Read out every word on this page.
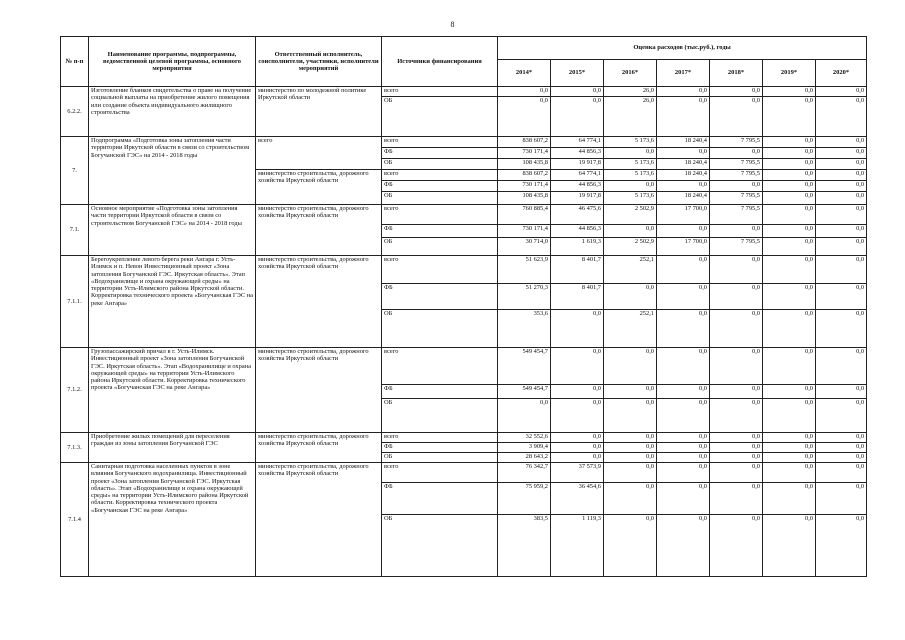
8
№ п-п	Наименование программы, подпрограммы, ведомственной целевой программы, основного мероприятия	Ответственный исполнитель, соисполнители, участники, исполнители мероприятий	Источники финансирования	Оценка расходов (тыс.руб.), годы						
				2014*	2015*	2016*	2017*	2018*	2019*	2020*
6.2.2.	Изготовление бланков свидетельства о праве на получение социальной выплаты на приобретение жилого помещения или создание объекта индивидуального жилищного строительства	министерство по молодежной политике Иркутской области	всего	0,0	0,0	26,0	0,0	0,0	0,0	0,0
			ОБ	0,0	0,0	26,0	0,0	0,0	0,0	0,0
7.	Подпрограмма «Подготовка зоны затопления части территории Иркутской области в связи со строительством Богучанской ГЭС» на 2014 - 2018 годы	всего	всего	838 607,2	64 774,1	5 173,6	18 240,4	7 795,5	0,0	0,0
			ФБ	730 171,4	44 856,3	0,0	0,0	0,0	0,0	0,0
			ОБ	108 435,8	19 917,8	5 173,6	18 240,4	7 795,5	0,0	0,0
		министерство строительства, дорожного хозяйства Иркутской области	всего	838 607,2	64 774,1	5 173,6	18 240,4	7 795,5	0,0	0,0
			ФБ	730 171,4	44 856,3	0,0	0,0	0,0	0,0	0,0
			ОБ	108 435,8	19 917,8	5 173,6	18 240,4	7 795,5	0,0	0,0
7.1.	Основное мероприятие «Подготовка зоны затопления части территории Иркутской области в связи со строительством Богучанской ГЭС» на 2014 - 2018 годы	министерство строительства, дорожного хозяйства Иркутской области	всего	760 885,4	46 475,6	2 502,9	17 700,0	7 795,5	0,0	0,0
			ФБ	730 171,4	44 856,3	0,0	0,0	0,0	0,0	0,0
			ОБ	30 714,0	1 619,3	2 502,9	17 700,0	7 795,5	0,0	0,0
7.1.1.	Берегоукрепление левого берега реки Ангара г. Усть-Илимск и п. Невон Инвестиционный проект «Зона затопления Богучанской ГЭС. Иркутская область». Этап «Водохранилище и охрана окружающей среды» на территории Усть-Илимского района Иркутской области. Корректировка технического проекта «Богучанская ГЭС на реке Ангара»	министерство строительства, дорожного хозяйства Иркутской области	всего	51 623,9	8 401,7	252,1	0,0	0,0	0,0	0,0
			ФБ	51 270,3	8 401,7	0,0	0,0	0,0	0,0	0,0
			ОБ	353,6	0,0	252,1	0,0	0,0	0,0	0,0
7.1.2.	Грузопассажирский причал в г. Усть-Илимск. Инвестиционный проект «Зона затопления Богучанской ГЭС. Иркутская область». Этап «Водохранилище и охрана окружающей среды» на территории Усть-Илимского района Иркутской области. Корректировка технического проекта «Богучанская ГЭС на реке Ангара»	министерство строительства, дорожного хозяйства Иркутской области	всего	549 454,7	0,0	0,0	0,0	0,0	0,0	0,0
			ФБ	549 454,7	0,0	0,0	0,0	0,0	0,0	0,0
			ОБ	0,0	0,0	0,0	0,0	0,0	0,0	0,0
7.1.3.	Приобретение жилых помещений для переселения граждан из зоны затопления Богучанской ГЭС	министерство строительства, дорожного хозяйства Иркутской области	всего	32 552,6	0,0	0,0	0,0	0,0	0,0	0,0
			ФБ	3 909,4	0,0	0,0	0,0	0,0	0,0	0,0
			ОБ	28 643,2	0,0	0,0	0,0	0,0	0,0	0,0
7.1.4	Санитарная подготовка населенных пунктов в зоне влияния Богучанского водохранилища. Инвестиционный проект «Зона затопления Богучанской ГЭС. Иркутская область». Этап «Водохранилище и охрана окружающей среды» на территории Усть-Илимского района Иркутской области. Корректировка технического проекта «Богучанская ГЭС на реке Ангара»	министерство строительства, дорожного хозяйства Иркутской области	всего	76 342,7	37 573,9	0,0	0,0	0,0	0,0	0,0
			ФБ	75 959,2	36 454,6	0,0	0,0	0,0	0,0	0,0
			ОБ	383,5	1 119,3	0,0	0,0	0,0	0,0	0,0
